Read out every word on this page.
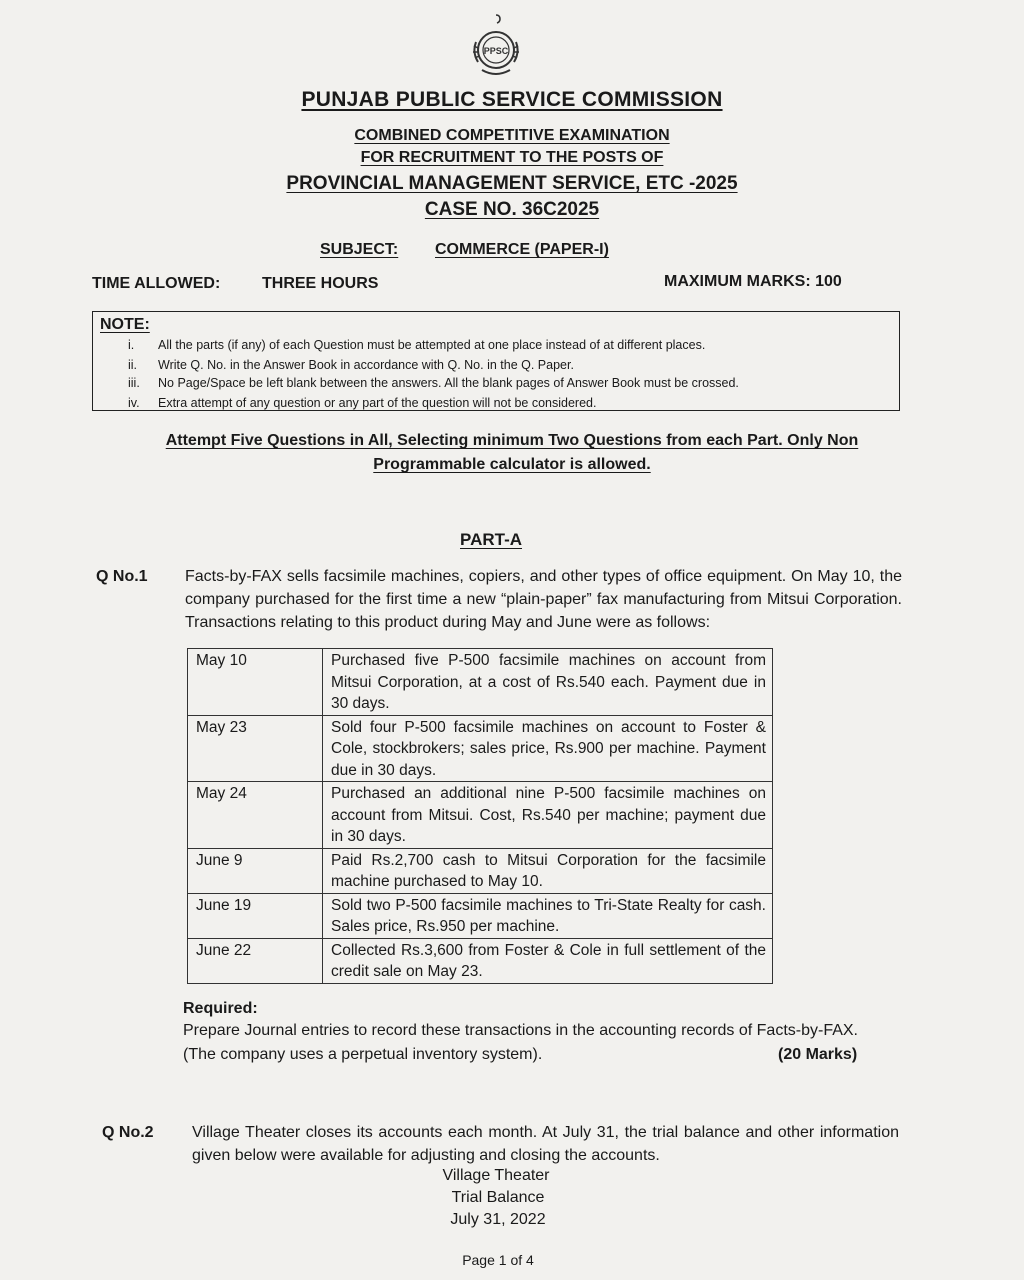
PPSC
PUNJAB PUBLIC SERVICE COMMISSION
COMBINED COMPETITIVE EXAMINATION
FOR RECRUITMENT TO THE POSTS OF
PROVINCIAL MANAGEMENT SERVICE, ETC -2025
CASE NO. 36C2025
SUBJECT: COMMERCE (PAPER-I)
TIME ALLOWED:	THREE HOURS	MAXIMUM MARKS: 100
NOTE:
i. All the parts (if any) of each Question must be attempted at one place instead of at different places.
ii. Write Q. No. in the Answer Book in accordance with Q. No. in the Q. Paper.
iii. No Page/Space be left blank between the answers. All the blank pages of Answer Book must be crossed.
iv. Extra attempt of any question or any part of the question will not be considered.
Attempt Five Questions in All, Selecting minimum Two Questions from each Part. Only Non
Programmable calculator is allowed.
PART-A
Q No.1 Facts-by-FAX sells facsimile machines, copiers, and other types of office equipment. On May 10, the company purchased for the first time a new “plain-paper” fax manufacturing from Mitsui Corporation. Transactions relating to this product during May and June were as follows:
May 10	Purchased five P-500 facsimile machines on account from Mitsui Corporation, at a cost of Rs.540 each. Payment due in 30 days.
May 23	Sold four P-500 facsimile machines on account to Foster & Cole, stockbrokers; sales price, Rs.900 per machine. Payment due in 30 days.
May 24	Purchased an additional nine P-500 facsimile machines on account from Mitsui. Cost, Rs.540 per machine; payment due in 30 days.
June 9	Paid Rs.2,700 cash to Mitsui Corporation for the facsimile machine purchased to May 10.
June 19	Sold two P-500 facsimile machines to Tri-State Realty for cash. Sales price, Rs.950 per machine.
June 22	Collected Rs.3,600 from Foster & Cole in full settlement of the credit sale on May 23.
Required:
Prepare Journal entries to record these transactions in the accounting records of Facts-by-FAX.
(The company uses a perpetual inventory system).	(20 Marks)
Q No.2 Village Theater closes its accounts each month. At July 31, the trial balance and other information given below were available for adjusting and closing the accounts.
Village Theater
Trial Balance
July 31, 2022
Page 1 of 4
